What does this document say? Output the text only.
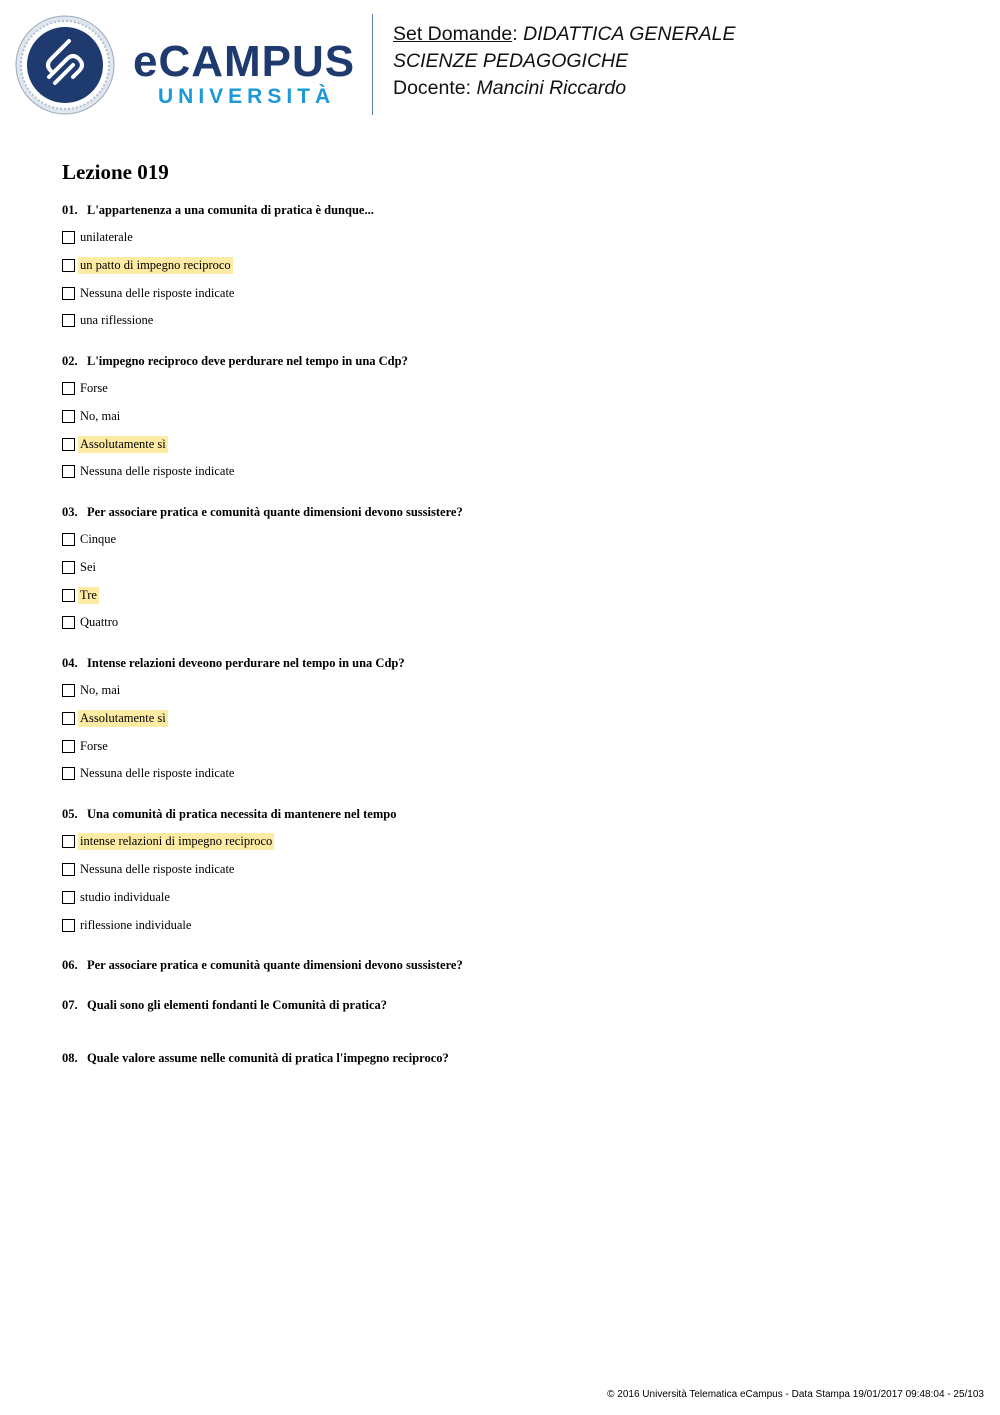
eCAMPUS
UNIVERSITÀ
Set Domande: DIDATTICA GENERALE
SCIENZE PEDAGOGICHE
Docente: Mancini Riccardo
Lezione 019
01. L'appartenenza a una comunita di pratica è dunque...
unilaterale
un patto di impegno reciproco
Nessuna delle risposte indicate
una riflessione
02. L'impegno reciproco deve perdurare nel tempo in una Cdp?
Forse
No, mai
Assolutamente sì
Nessuna delle risposte indicate
03. Per associare pratica e comunità quante dimensioni devono sussistere?
Cinque
Sei
Tre
Quattro
04. Intense relazioni deveono perdurare nel tempo in una Cdp?
No, mai
Assolutamente sì
Forse
Nessuna delle risposte indicate
05. Una comunità di pratica necessita di mantenere nel tempo
intense relazioni di impegno reciproco
Nessuna delle risposte indicate
studio individuale
riflessione individuale
06. Per associare pratica e comunità quante dimensioni devono sussistere?
07. Quali sono gli elementi fondanti le Comunità di pratica?
08. Quale valore assume nelle comunità di pratica l'impegno reciproco?
© 2016 Università Telematica eCampus - Data Stampa 19/01/2017 09:48:04 - 25/103
